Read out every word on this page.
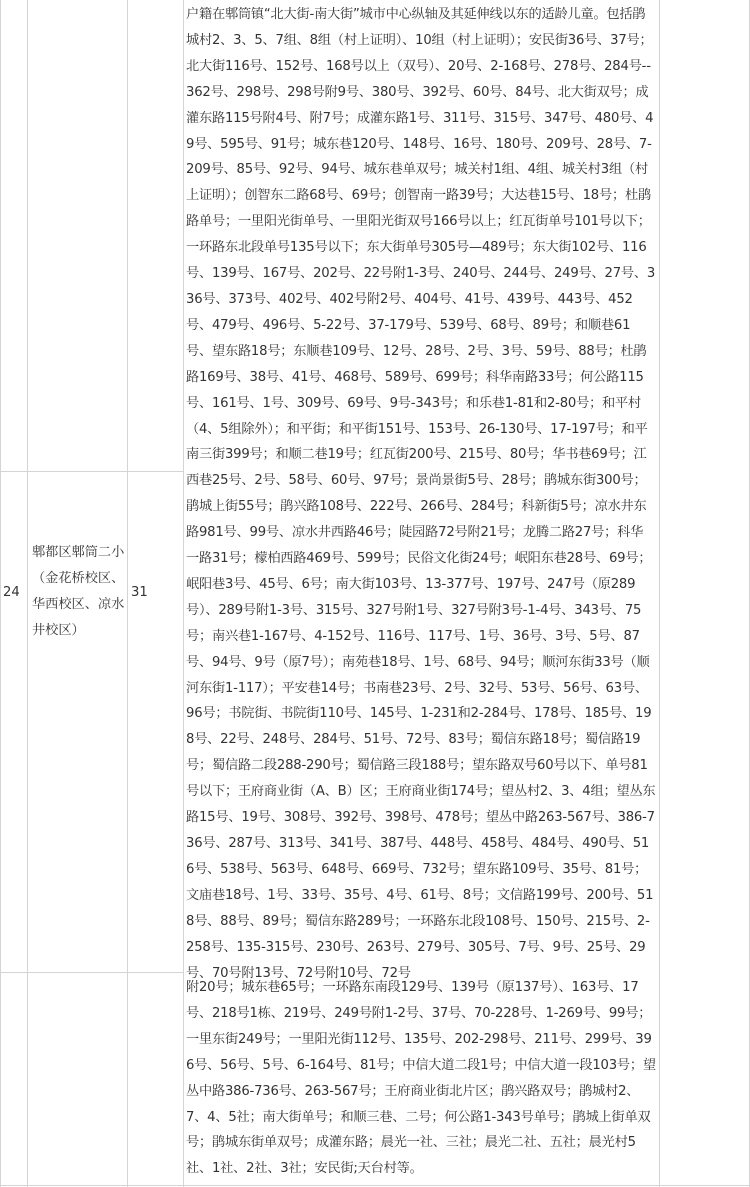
24
郫都区郫筒二小（金花桥校区、华西校区、凉水井校区）
31
户籍在郫筒镇“北大街-南大街”城市中心纵轴及其延伸线以东的适龄儿童。包括鹃城村2、3、5、7组、8组（村上证明）、10组（村上证明）；安民街36号、37号；北大街116号、152号、168号以上（双号）、20号、2-168号、278号、284号--362号、298号、298号附9号、380号、392号、60号、84号、北大街双号；成灌东路115号附4号、附7号；成灌东路1号、311号、315号、347号、480号、49号、595号、91号；城东巷120号、148号、16号、180号、209号、28号、7-209号、85号、92号、94号、城东巷单双号；城关村1组、4组、城关村3组（村上证明）；创智东二路68号、69号；创智南一路39号；大达巷15号、18号；杜鹃路单号；一里阳光街单号、一里阳光街双号166号以上；红瓦街单号101号以下；一环路东北段单号135号以下；东大街单号305号—489号；东大街102号、116号、139号、167号、202号、22号附1-3号、240号、244号、249号、27号、336号、373号、402号、402号附2号、404号、41号、439号、443号、452号、479号、496号、5-22号、37-179号、539号、68号、89号；和顺巷61号、望东路18号；东顺巷109号、12号、28号、2号、3号、59号、88号；杜鹃路169号、38号、41号、468号、589号、699号；科华南路33号；何公路115号、161号、1号、309号、69号、9号-343号；和乐巷1-81和2-80号；和平村（4、5组除外）；和平街；和平街151号、153号、26-130号、17-197号；和平南三街399号；和顺二巷19号；红瓦街200号、215号、80号；华书巷69号；江西巷25号、2号、58号、60号、97号；景尚景街5号、28号；鹃城东街300号；鹃城上街55号；鹃兴路108号、222号、266号、284号；科新街5号；凉水井东路981号、99号、凉水井西路46号；陡园路72号附21号；龙腾二路27号；科华一路31号；檬柏西路469号、599号；民俗文化街24号；岷阳东巷28号、69号；岷阳巷3号、45号、6号；南大街103号、13-377号、197号、247号（原289号）、289号附1-3号、315号、327号附1号、327号附3号-1-4号、343号、75号；南兴巷1-167号、4-152号、116号、117号、1号、36号、3号、5号、87号、94号、9号（原7号）；南苑巷18号、1号、68号、94号；顺河东街33号（顺河东街1-117）；平安巷14号；书南巷23号、2号、32号、53号、56号、63号、96号；书院街、书院街110号、145号、1-231和2-284号、178号、185号、198号、22号、248号、284号、51号、72号、83号；蜀信东路18号；蜀信路19号；蜀信路二段288-290号；蜀信路三段188号；望东路双号60号以下、单号81号以下；王府商业街（A、B）区；王府商业街174号；望丛村2、3、4组；望丛东路15号、19号、308号、392号、398号、478号；望丛中路263-567号、386-736号、287号、313号、341号、387号、448号、458号、484号、490号、516号、538号、563号、648号、669号、732号；望东路109号、35号、81号；文庙巷18号、1号、33号、35号、4号、61号、8号；文信路199号、200号、518号、88号、89号；蜀信东路289号；一环路东北段108号、150号、215号、2-258号、135-315号、230号、263号、279号、305号、7号、9号、25号、29号、70号附13号、72号附10号、72号
附20号；城东巷65号；一环路东南段129号、139号（原137号）、163号、17号、218号1栋、219号、249号附1-2号、37号、70-228号、1-269号、99号；一里东街249号；一里阳光街112号、135号、202-298号、211号、299号、396号、56号、5号、6-164号、81号；中信大道二段1号；中信大道一段103号；望丛中路386-736号、263-567号；王府商业街北片区；鹃兴路双号；鹃城村2、7、4、5社；南大街单号；和顺三巷、二号；何公路1-343号单号；鹃城上街单双号；鹃城东街单双号；成灌东路；晨光一社、三社；晨光二社、五社；晨光村5社、1社、2社、3社；安民街;天台村等。
